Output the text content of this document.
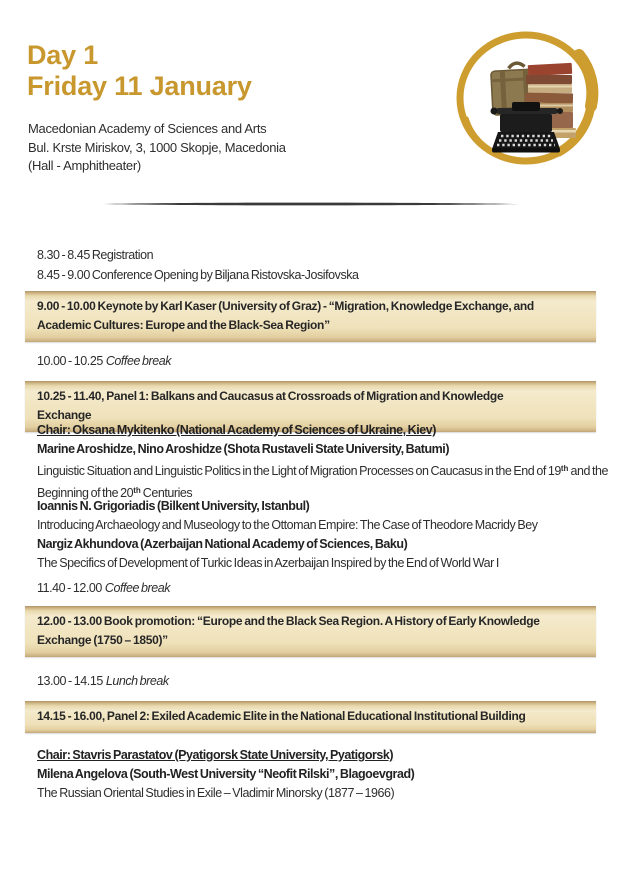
Day 1
Friday 11 January
Macedonian Academy of Sciences and Arts
Bul. Krste Miriskov, 3, 1000 Skopje, Macedonia
(Hall - Amphitheater)
8.30 - 8.45 Registration
8.45 - 9.00 Conference Opening by Biljana Ristovska-Josifovska
9.00 - 10.00 Keynote by Karl Kaser (University of Graz) - “Migration, Knowledge Exchange, and Academic Cultures: Europe and the Black-Sea Region”
10.00 - 10.25 Coffee break
10.25 - 11.40, Panel 1: Balkans and Caucasus at Crossroads of Migration and Knowledge Exchange
Chair: Oksana Mykitenko (National Academy of Sciences of Ukraine, Kiev)
Marine Aroshidze, Nino Aroshidze (Shota Rustaveli State University, Batumi)
Linguistic Situation and Linguistic Politics in the Light of Migration Processes on Caucasus in the End of 19th and the Beginning of the 20th Centuries
Ioannis N. Grigoriadis (Bilkent University, Istanbul)
Introducing Archaeology and Museology to the Ottoman Empire: The Case of Theodore Macridy Bey
Nargiz Akhundova (Azerbaijan National Academy of Sciences, Baku)
The Specifics of Development of Turkic Ideas in Azerbaijan Inspired by the End of World War I
11.40 - 12.00 Coffee break
12.00 - 13.00 Book promotion: “Europe and the Black Sea Region. A History of Early Knowledge Exchange (1750 – 1850)”
13.00 - 14.15 Lunch break
14.15 - 16.00, Panel 2: Exiled Academic Elite in the National Educational Institutional Building
Chair: Stavris Parastatov (Pyatigorsk State University, Pyatigorsk)
Milena Angelova (South-West University “Neofit Rilski”, Blagoevgrad)
The Russian Oriental Studies in Exile – Vladimir Minorsky (1877 – 1966)
